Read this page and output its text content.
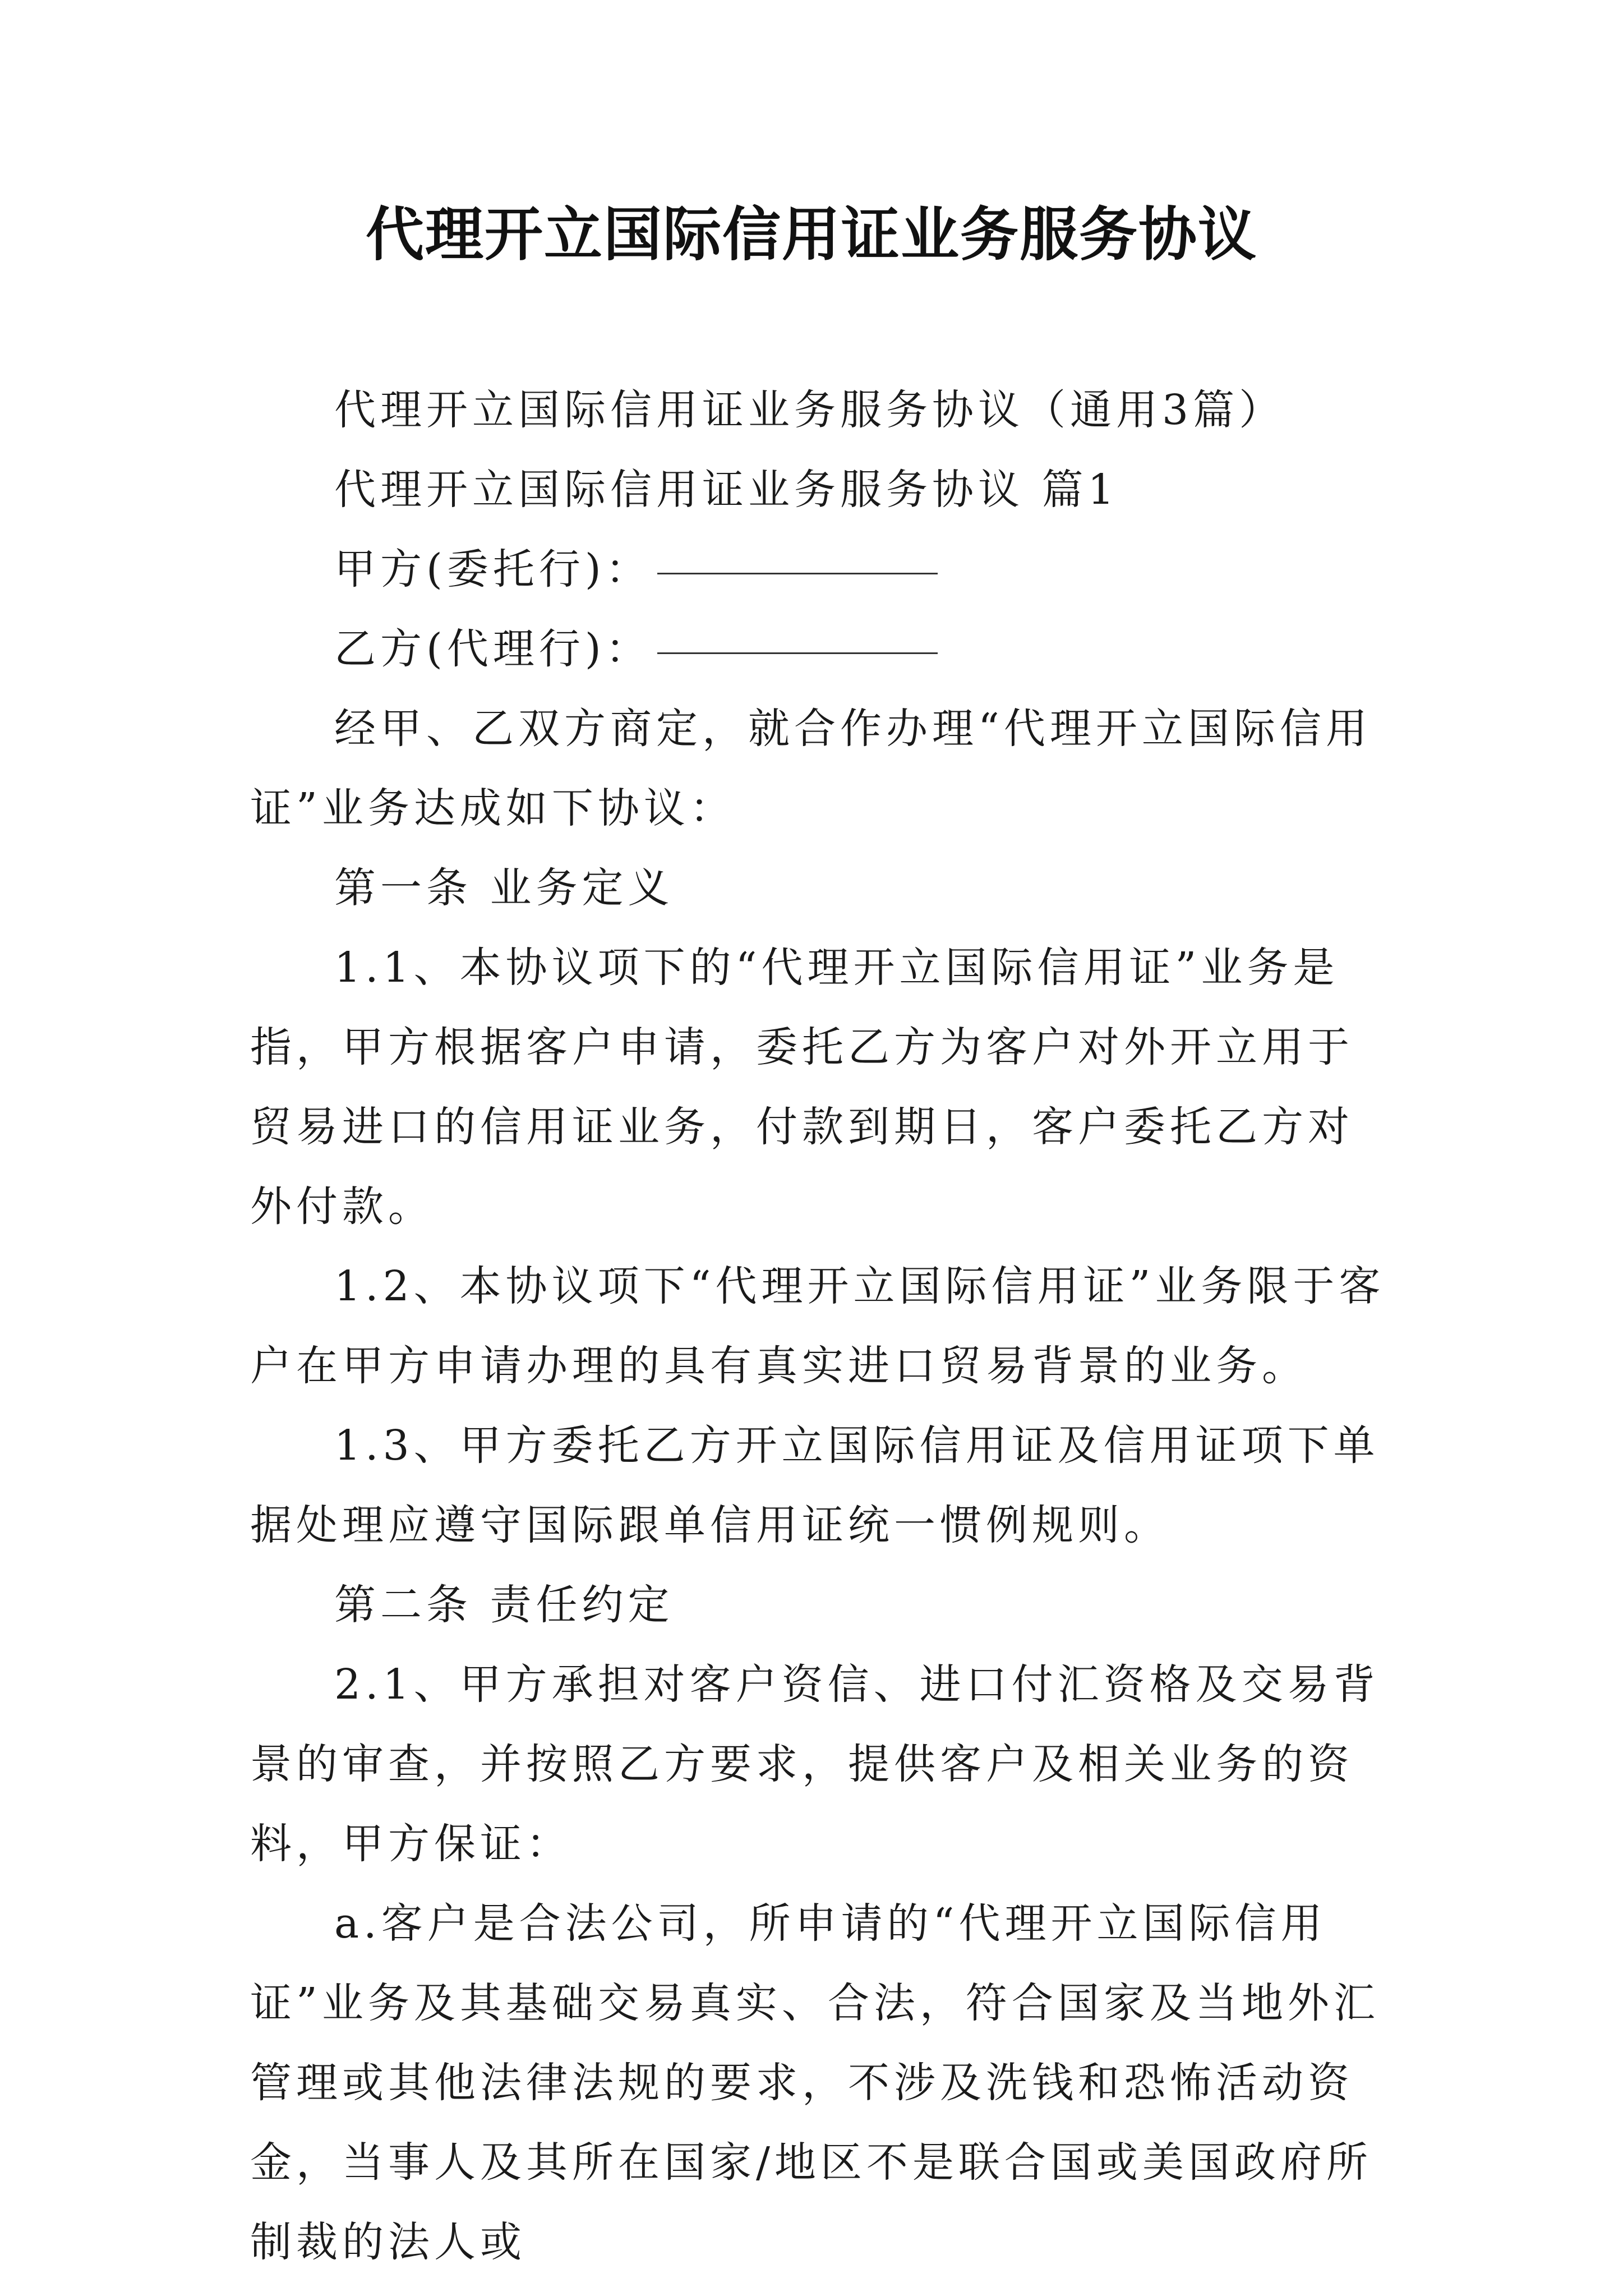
代理开立国际信用证业务服务协议

代理开立国际信用证业务服务协议（通用3篇）

代理开立国际信用证业务服务协议 篇1

甲方(委托行)：

乙方(代理行)：

经甲、乙双方商定，就合作办理“代理开立国际信用证”业务达成如下协议：

第一条 业务定义

1.1、本协议项下的“代理开立国际信用证”业务是指，甲方根据客户申请，委托乙方为客户对外开立用于贸易进口的信用证业务，付款到期日，客户委托乙方对外付款。

1.2、本协议项下“代理开立国际信用证”业务限于客户在甲方申请办理的具有真实进口贸易背景的业务。

1.3、甲方委托乙方开立国际信用证及信用证项下单据处理应遵守国际跟单信用证统一惯例规则。

第二条 责任约定

2.1、甲方承担对客户资信、进口付汇资格及交易背景的审查，并按照乙方要求，提供客户及相关业务的资料，甲方保证：

a.客户是合法公司，所申请的“代理开立国际信用证”业务及其基础交易真实、合法，符合国家及当地外汇管理或其他法律法规的要求，不涉及洗钱和恐怖活动资金，当事人及其所在国家/地区不是联合国或美国政府所制裁的法人或
